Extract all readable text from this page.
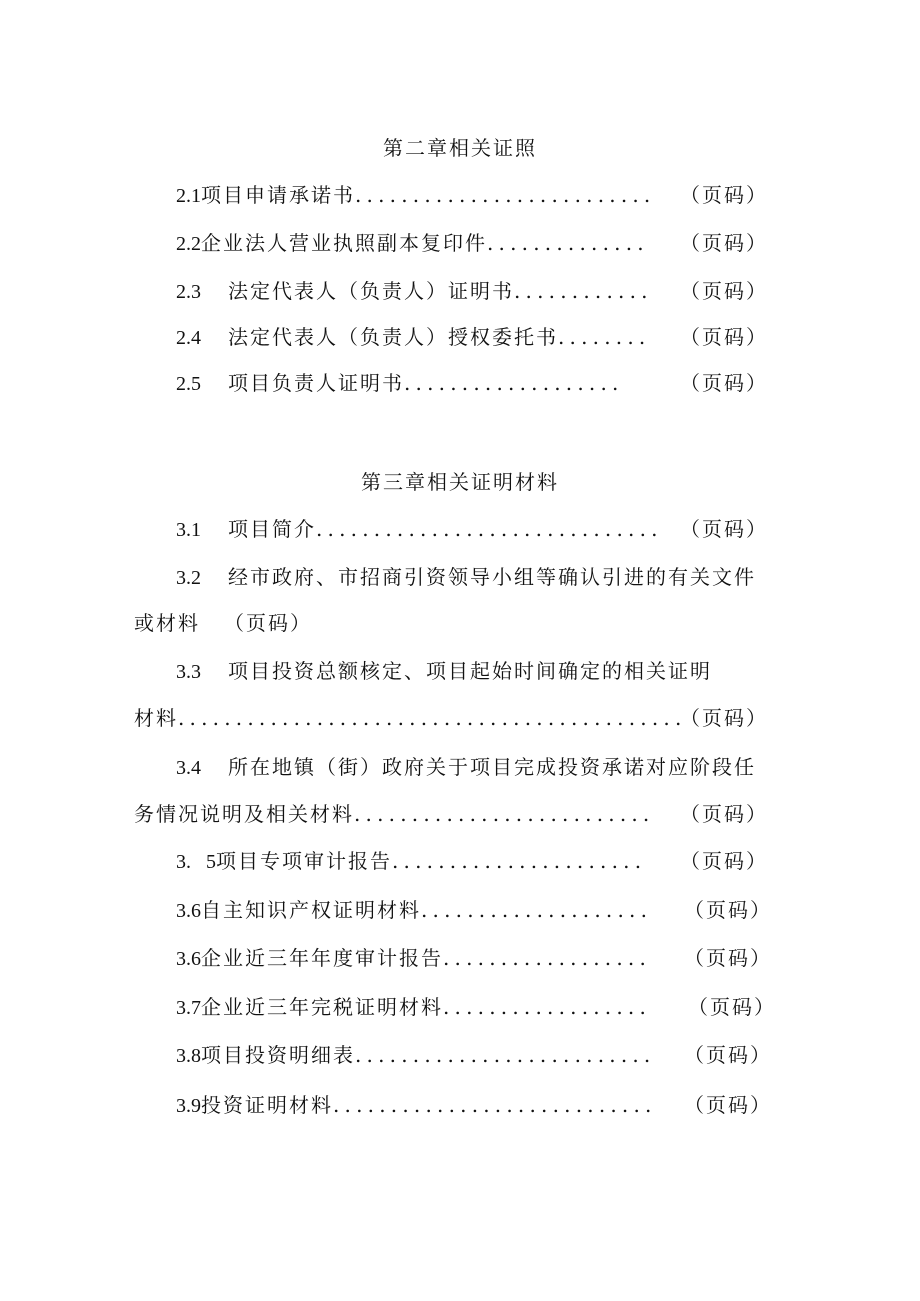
第二章相关证照
2.1项目申请承诺书.......................... （页码）
2.2企业法人营业执照副本复印件.............. （页码）
2.3 法定代表人（负责人）证明书............ （页码）
2.4 法定代表人（负责人）授权委托书........ （页码）
2.5 项目负责人证明书...................	（页码）
第三章相关证明材料
3.1 项目简介.............................. （页码）
3.2 经市政府、市招商引资领导小组等确认引进的有关文件
或材料 （页码）
3.3 项目投资总额核定、项目起始时间确定的相关证明
材料............................................
（页码）
3.4 所在地镇（街）政府关于项目完成投资承诺对应阶段任
务情况说明及相关材料.......................... （页码）
3. 5项目专项审计报告...................... （页码）
3.6自主知识产权证明材料.................... （页码）
3.6企业近三年年度审计报告.................. （页码）
3.7企业近三年完税证明材料.................. （页码）
3.8项目投资明细表.......................... （页码）
3.9投资证明材料............................ （页码）
